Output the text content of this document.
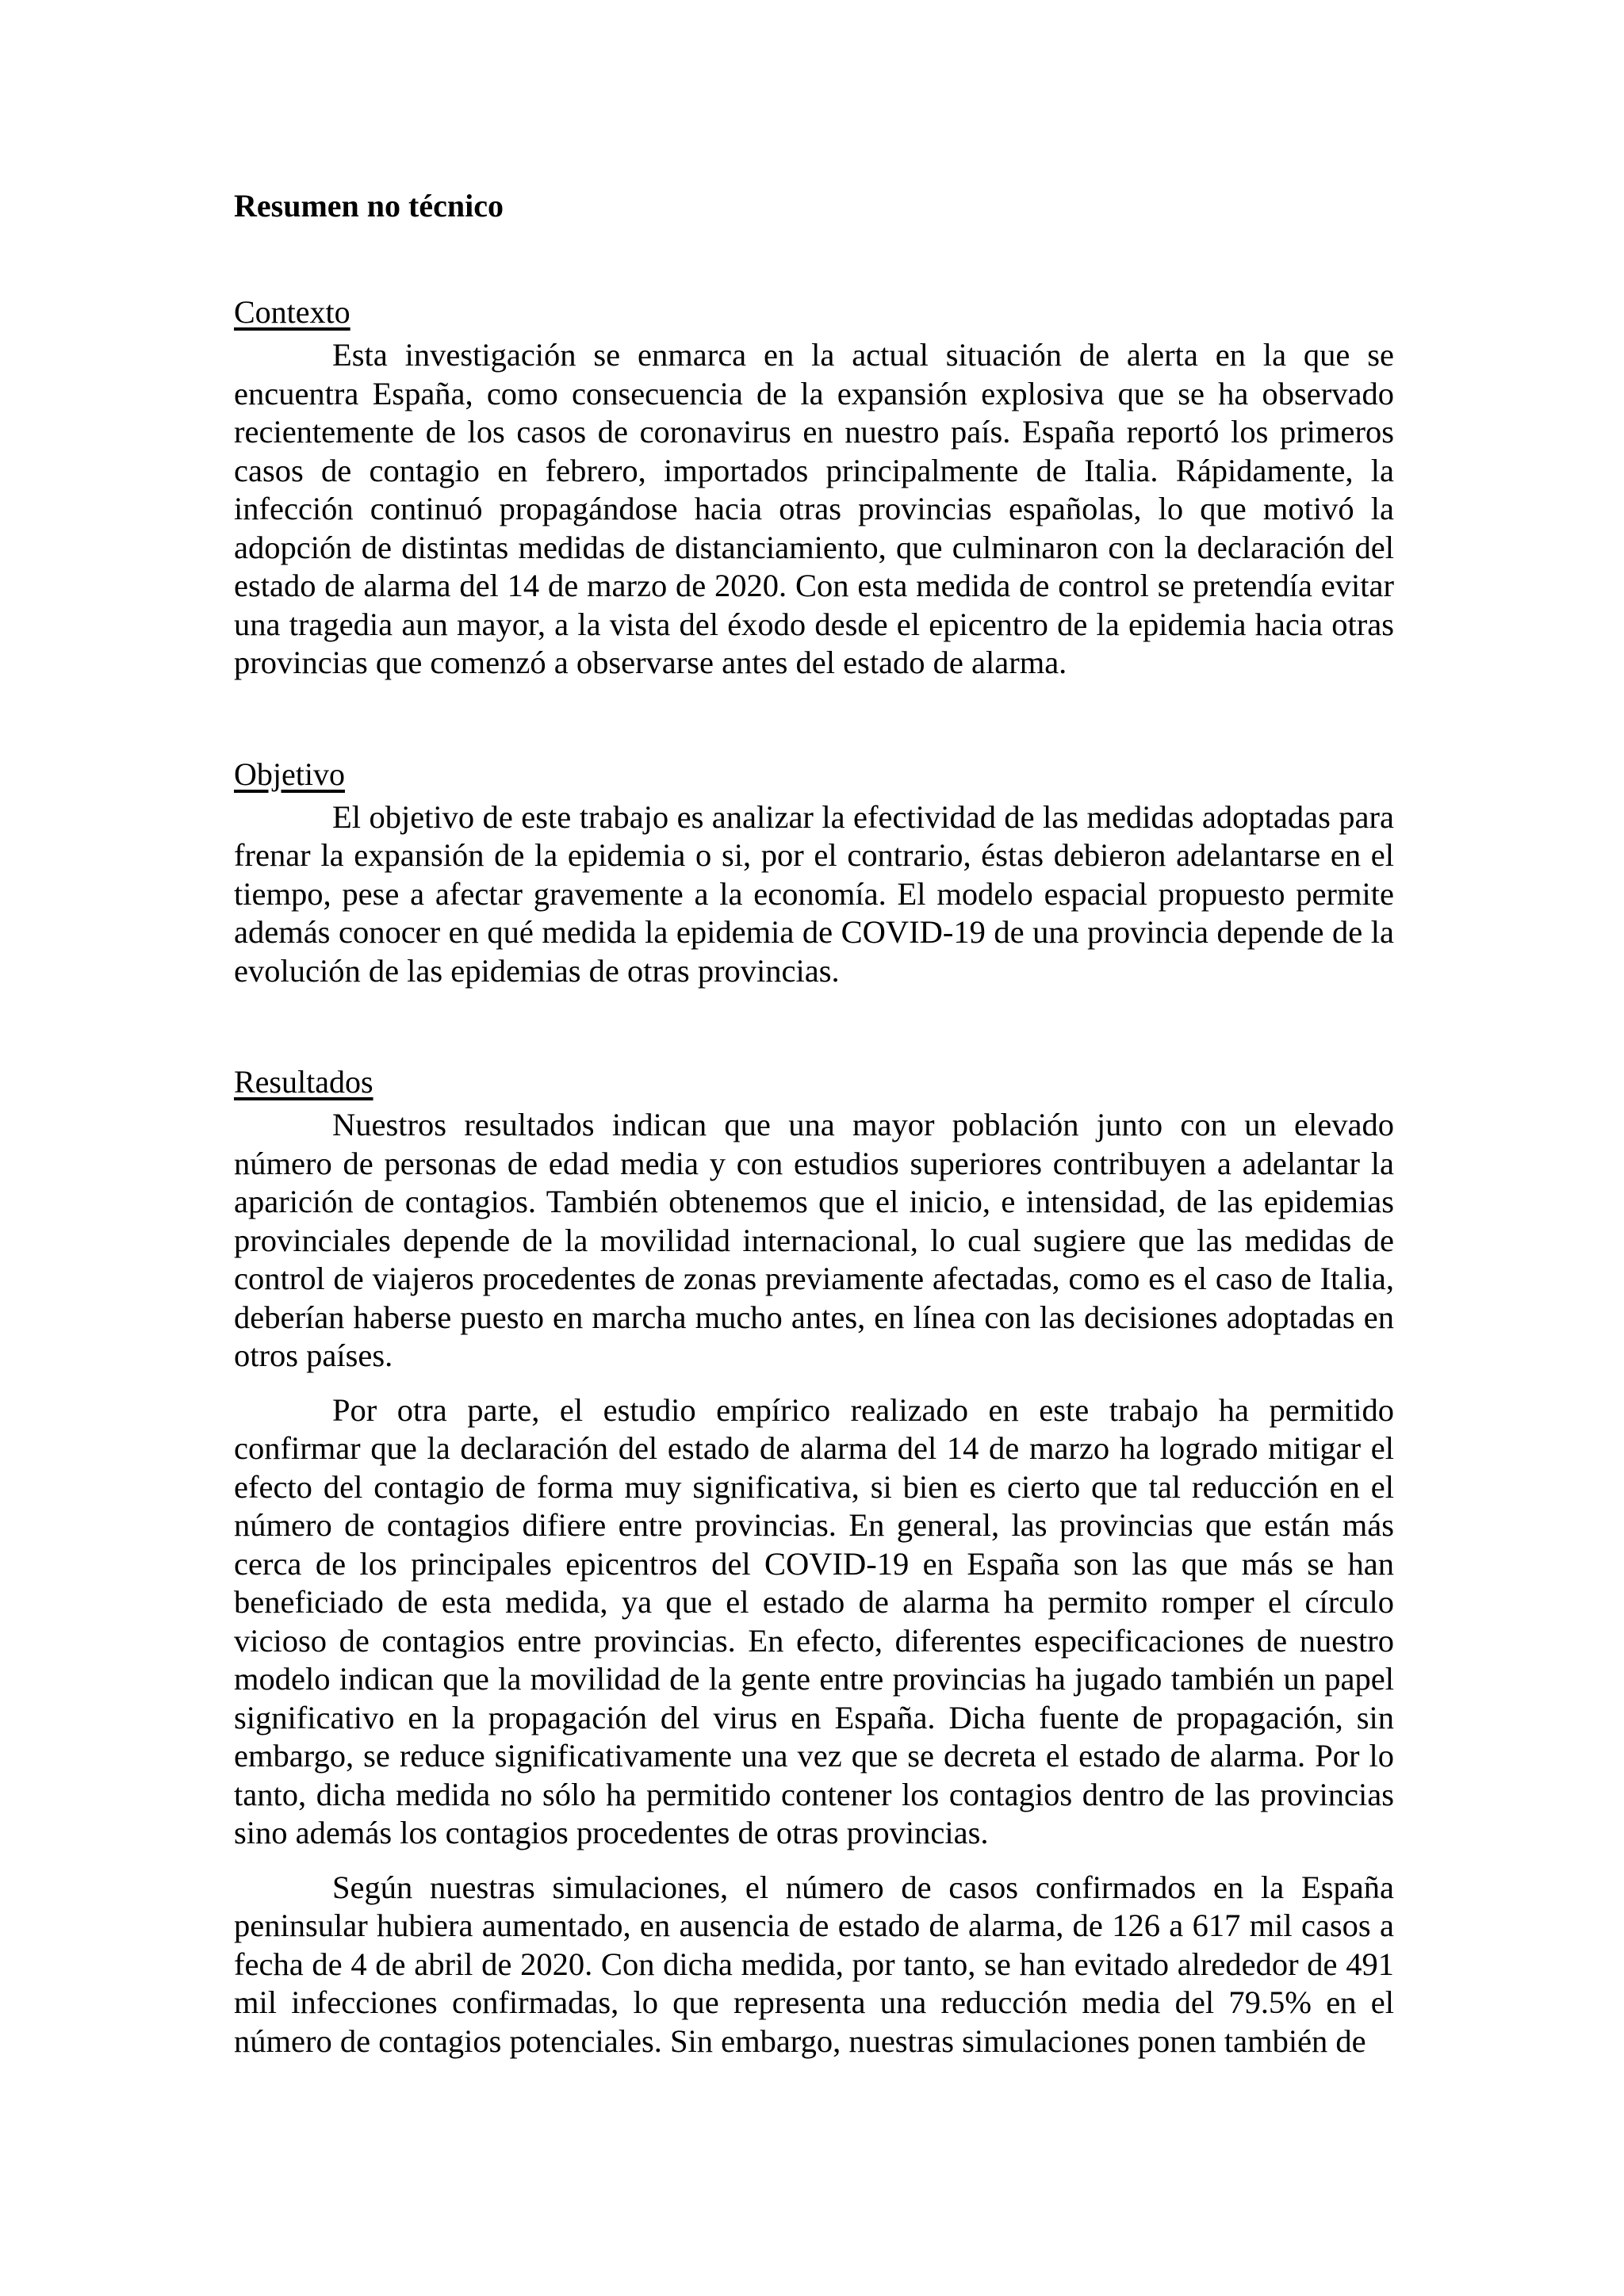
Resumen no técnico
Contexto

Esta investigación se enmarca en la actual situación de alerta en la que se encuentra España, como consecuencia de la expansión explosiva que se ha observado recientemente de los casos de coronavirus en nuestro país. España reportó los primeros casos de contagio en febrero, importados principalmente de Italia. Rápidamente, la infección continuó propagándose hacia otras provincias españolas, lo que motivó la adopción de distintas medidas de distanciamiento, que culminaron con la declaración del estado de alarma del 14 de marzo de 2020. Con esta medida de control se pretendía evitar una tragedia aun mayor, a la vista del éxodo desde el epicentro de la epidemia hacia otras provincias que comenzó a observarse antes del estado de alarma.

Objetivo

El objetivo de este trabajo es analizar la efectividad de las medidas adoptadas para frenar la expansión de la epidemia o si, por el contrario, éstas debieron adelantarse en el tiempo, pese a afectar gravemente a la economía. El modelo espacial propuesto permite además conocer en qué medida la epidemia de COVID-19 de una provincia depende de la evolución de las epidemias de otras provincias.

Resultados

Nuestros resultados indican que una mayor población junto con un elevado número de personas de edad media y con estudios superiores contribuyen a adelantar la aparición de contagios. También obtenemos que el inicio, e intensidad, de las epidemias provinciales depende de la movilidad internacional, lo cual sugiere que las medidas de control de viajeros procedentes de zonas previamente afectadas, como es el caso de Italia, deberían haberse puesto en marcha mucho antes, en línea con las decisiones adoptadas en otros países.

Por otra parte, el estudio empírico realizado en este trabajo ha permitido confirmar que la declaración del estado de alarma del 14 de marzo ha logrado mitigar el efecto del contagio de forma muy significativa, si bien es cierto que tal reducción en el número de contagios difiere entre provincias. En general, las provincias que están más cerca de los principales epicentros del COVID-19 en España son las que más se han beneficiado de esta medida, ya que el estado de alarma ha permito romper el círculo vicioso de contagios entre provincias. En efecto, diferentes especificaciones de nuestro modelo indican que la movilidad de la gente entre provincias ha jugado también un papel significativo en la propagación del virus en España. Dicha fuente de propagación, sin embargo, se reduce significativamente una vez que se decreta el estado de alarma. Por lo tanto, dicha medida no sólo ha permitido contener los contagios dentro de las provincias sino además los contagios procedentes de otras provincias.

Según nuestras simulaciones, el número de casos confirmados en la España peninsular hubiera aumentado, en ausencia de estado de alarma, de 126 a 617 mil casos a fecha de 4 de abril de 2020. Con dicha medida, por tanto, se han evitado alrededor de 491 mil infecciones confirmadas, lo que representa una reducción media del 79.5% en el número de contagios potenciales. Sin embargo, nuestras simulaciones ponen también de
